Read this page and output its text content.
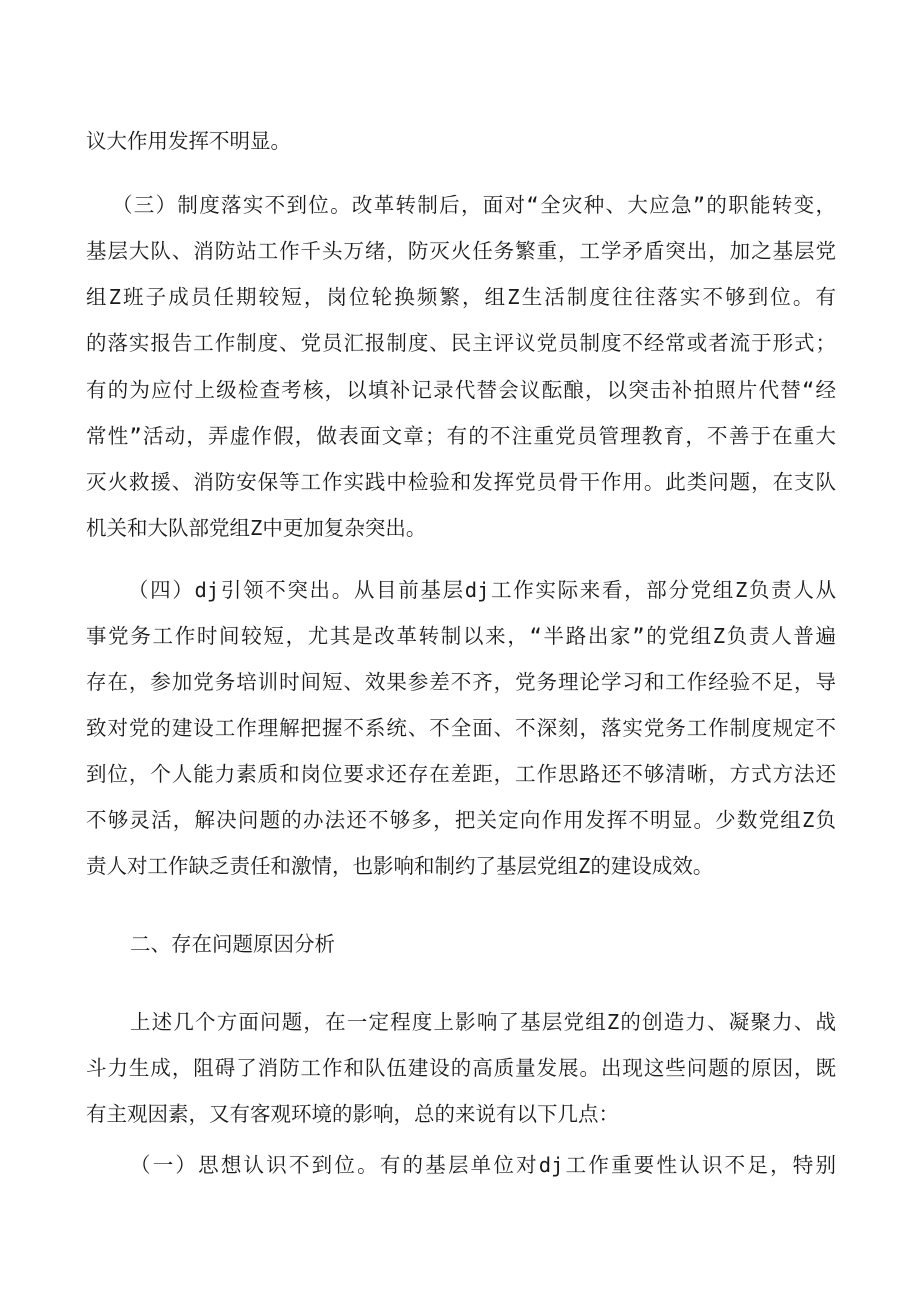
议大作用发挥不明显。
（三）制度落实不到位。改革转制后，面对“全灾种、大应急”的职能转变，
基层大队、消防站工作千头万绪，防灭火任务繁重，工学矛盾突出，加之基层党
组Z班子成员任期较短，岗位轮换频繁，组Z生活制度往往落实不够到位。有
的落实报告工作制度、党员汇报制度、民主评议党员制度不经常或者流于形式；
有的为应付上级检查考核，以填补记录代替会议酝酿，以突击补拍照片代替“经
常性”活动，弄虚作假，做表面文章；有的不注重党员管理教育，不善于在重大
灭火救援、消防安保等工作实践中检验和发挥党员骨干作用。此类问题，在支队
机关和大队部党组Z中更加复杂突出。
（四）dj引领不突出。从目前基层dj工作实际来看，部分党组Z负责人从
事党务工作时间较短，尤其是改革转制以来，“半路出家”的党组Z负责人普遍
存在，参加党务培训时间短、效果参差不齐，党务理论学习和工作经验不足，导
致对党的建设工作理解把握不系统、不全面、不深刻，落实党务工作制度规定不
到位，个人能力素质和岗位要求还存在差距，工作思路还不够清晰，方式方法还
不够灵活，解决问题的办法还不够多，把关定向作用发挥不明显。少数党组Z负
责人对工作缺乏责任和激情，也影响和制约了基层党组Z的建设成效。
二、存在问题原因分析
上述几个方面问题，在一定程度上影响了基层党组Z的创造力、凝聚力、战
斗力生成，阻碍了消防工作和队伍建设的高质量发展。出现这些问题的原因，既
有主观因素，又有客观环境的影响，总的来说有以下几点：
（一）思想认识不到位。有的基层单位对dj工作重要性认识不足，特别
